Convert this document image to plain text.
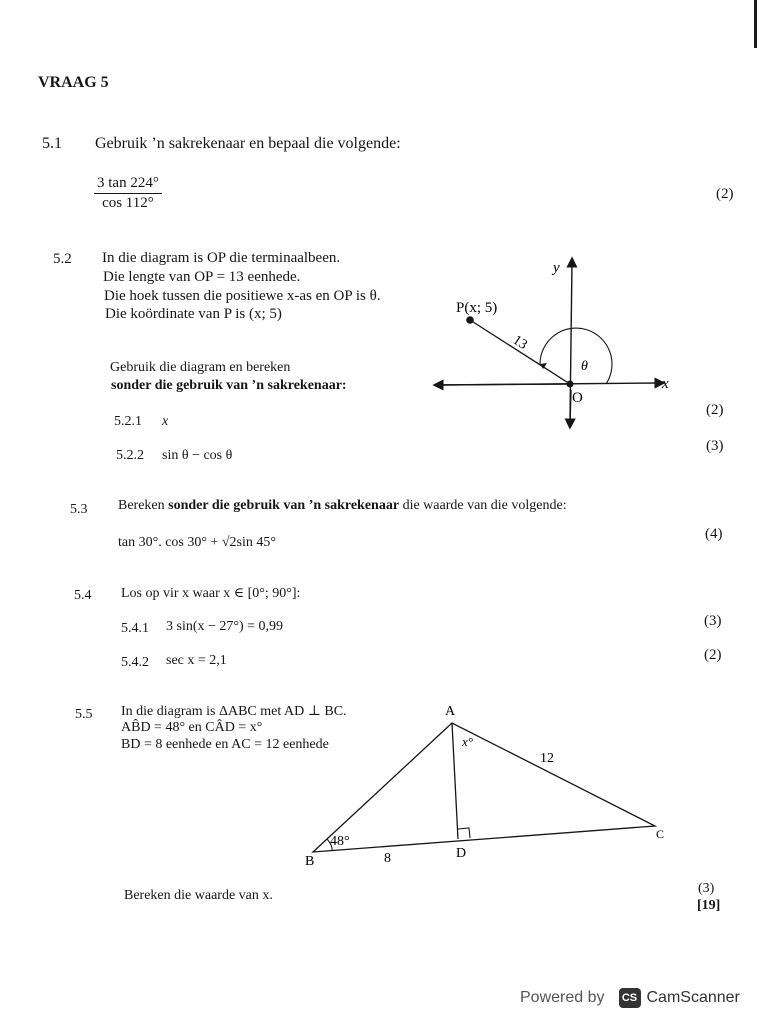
VRAAG 5
5.1 Gebruik ’n sakrekenaar en bepaal die volgende:
$\frac{3 \tan 224^\circ}{\cos 112^\circ}$	(2)
5.2 In die diagram is OP die terminaalbeen.
Die lengte van OP = 13 eenhede.
Die hoek tussen die positiewe x-as en OP is θ.
Die koördinate van P is (x; 5)
Gebruik die diagram en bereken
sonder die gebruik van ’n sakrekenaar:
5.2.1 x
(2)
5.2.2 sin θ − cos θ
(3)
P(x; 5)
13
θ
x
y
O
5.3 Bereken sonder die gebruik van ’n sakrekenaar die waarde van die volgende:
tan 30°. cos 30° + √2sin 45°
(4)
5.4 Los op vir x waar x ∈ [0°; 90°]:
5.4.1 3 sin(x − 27°) = 0,99	(3)
5.4.2 sec x = 2,1	(2)
5.5 In die diagram is ΔABC met AD ⊥ BC.
AB̂D = 48° en CÂD = x°
BD = 8 eenhede en AC = 12 eenhede
A
B
C
D
48°
x°
8
12
Bereken die waarde van x.	(3)
[19]
Powered by	CS CamScanner
